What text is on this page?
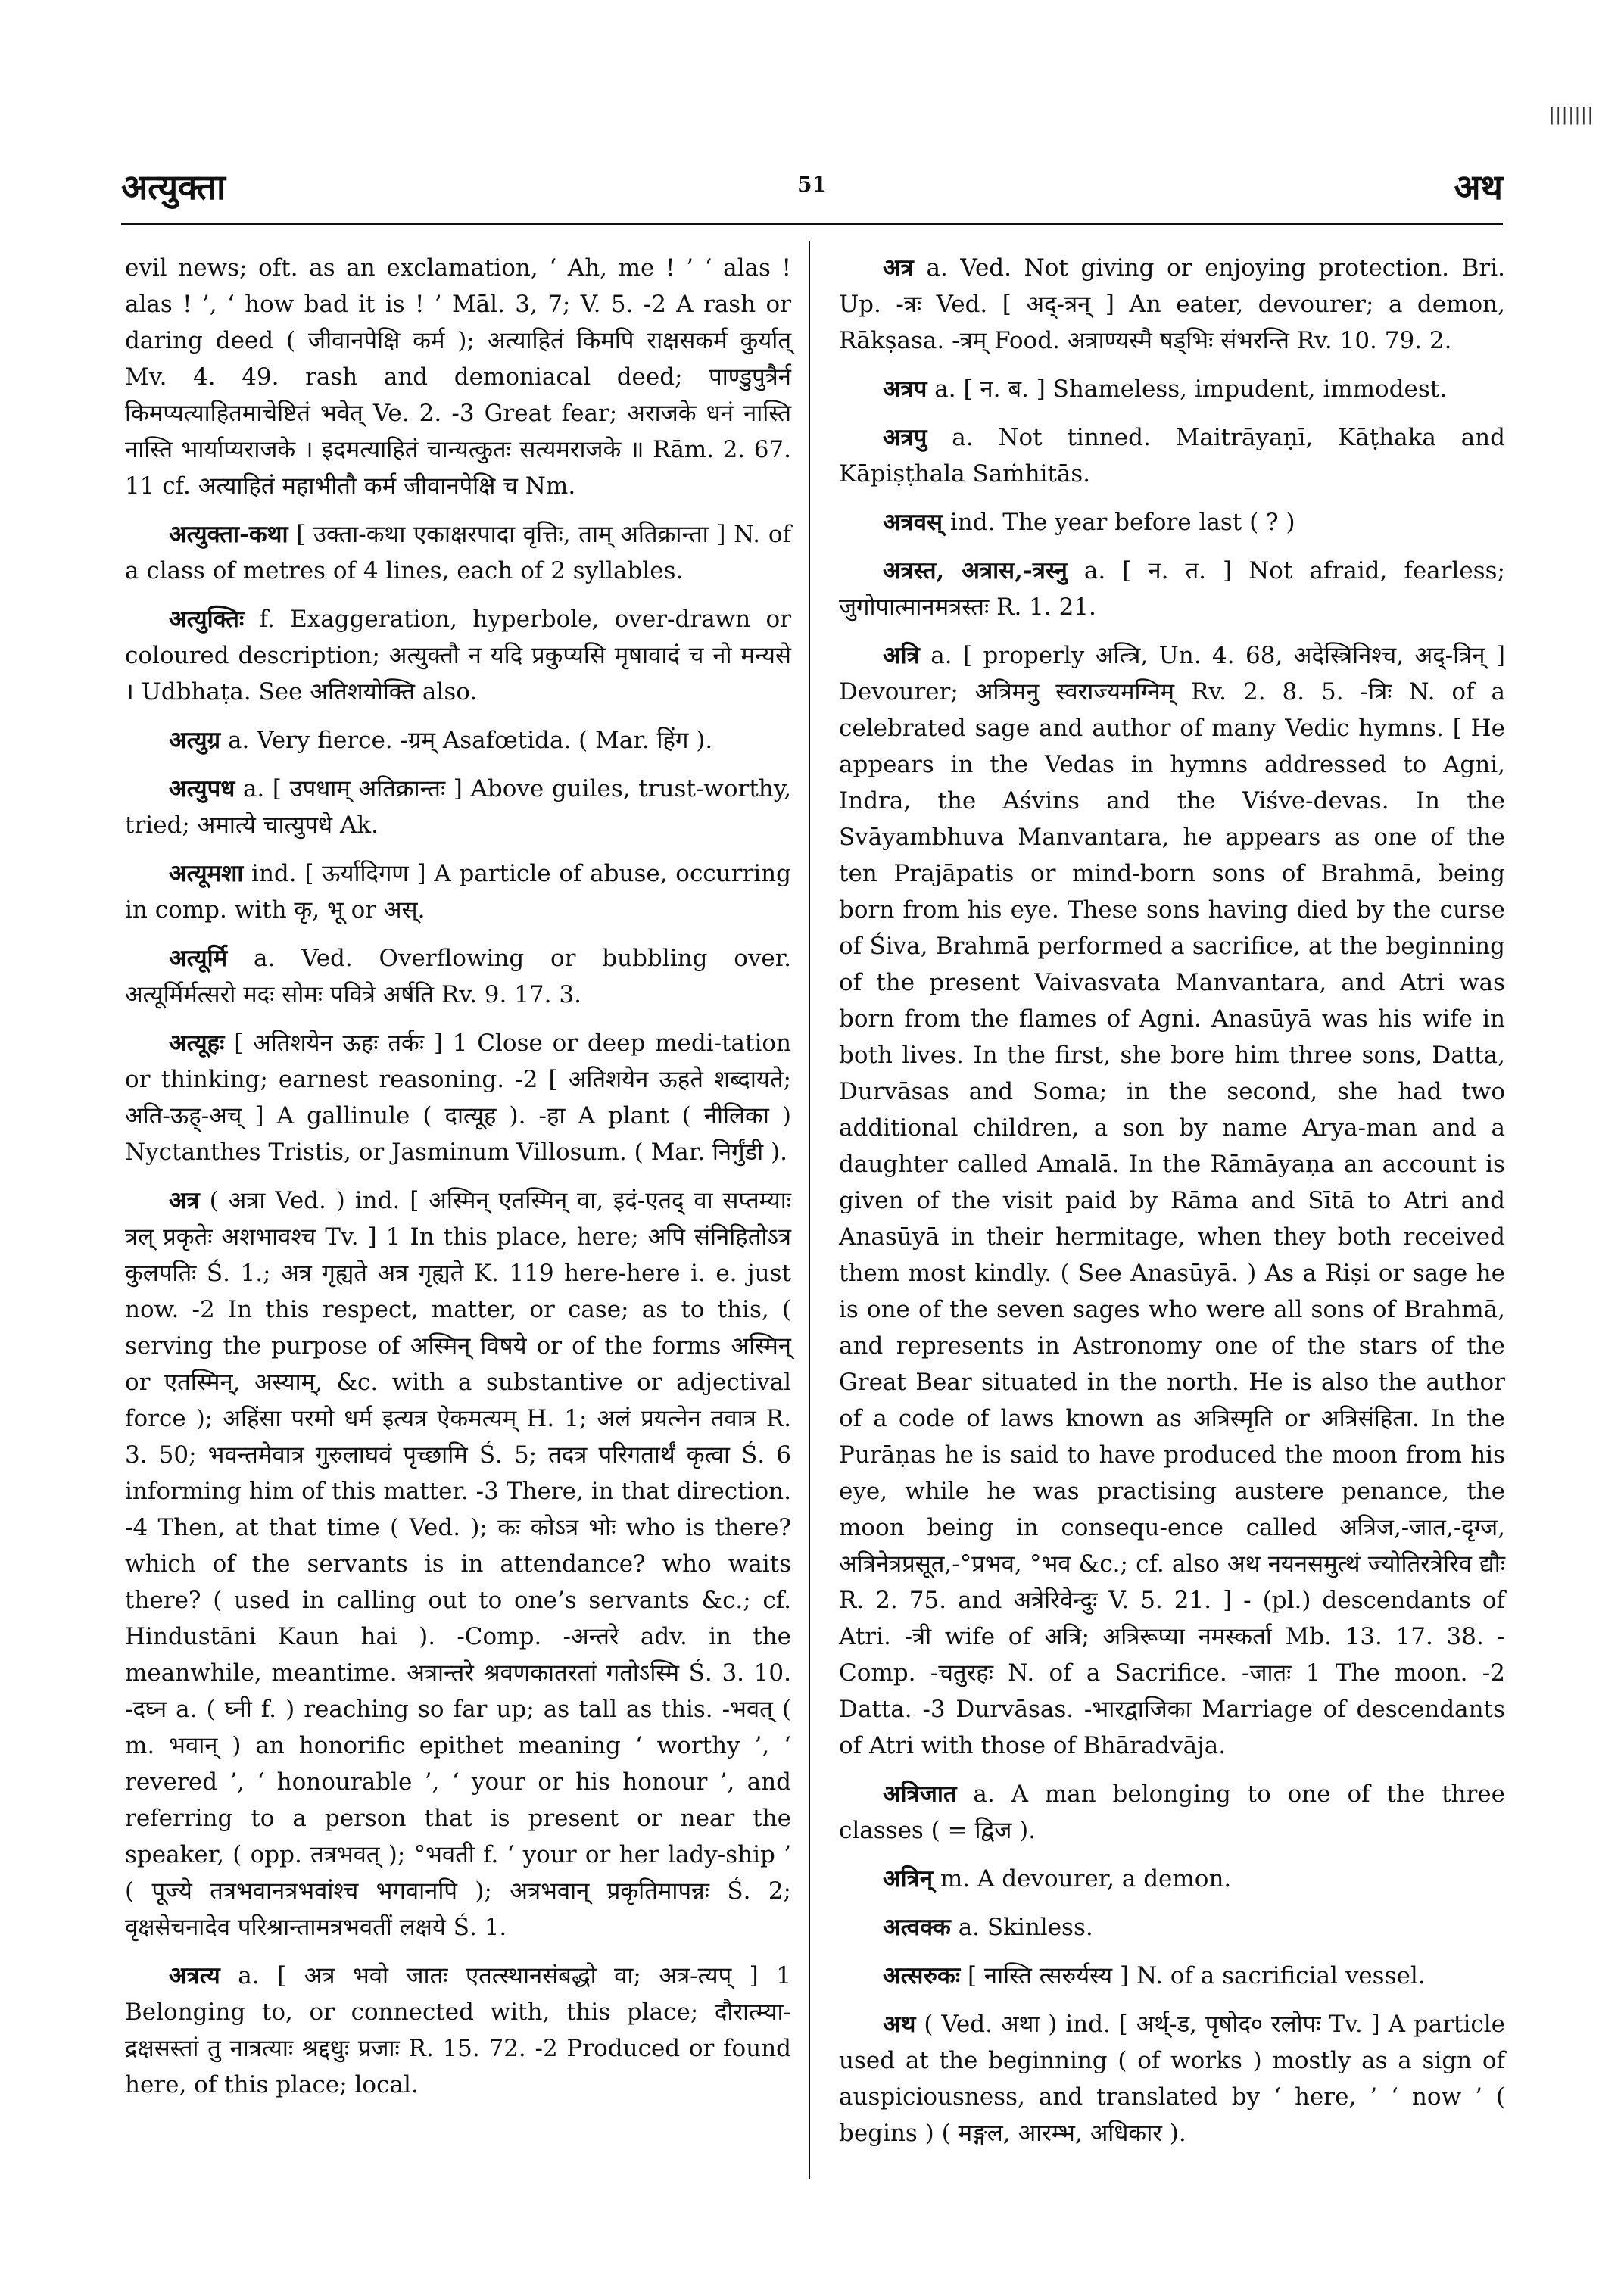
अत्युक्ता	51	अथ
|||||||

evil news; oft. as an exclamation, ‘ Ah, me ! ’ ‘ alas ! alas ! ’, ‘ how bad it is ! ’ Māl. 3, 7; V. 5. -2 A rash or daring deed ( जीवानपेक्षि कर्म ); अत्याहितं किमपि राक्षसकर्म कुर्यात् Mv. 4. 49. rash and demoniacal deed; पाण्डुपुत्रैर्न किमप्यत्याहितमाचेष्टितं भवेत् Ve. 2. -3 Great fear; अराजके धनं नास्ति नास्ति भार्याप्यराजके । इदमत्याहितं चान्यत्कुतः सत्यमराजके ॥ Rām. 2. 67. 11 cf. अत्याहितं महाभीतौ कर्म जीवानपेक्षि च Nm.

अत्युक्ता-कथा [ उक्ता-कथा एकाक्षरपादा वृत्तिः, ताम् अतिक्रान्ता ] N. of a class of metres of 4 lines, each of 2 syllables.

अत्युक्तिः f. Exaggeration, hyperbole, over-drawn or coloured description; अत्युक्तौ न यदि प्रकुप्यसि मृषावादं च नो मन्यसे । Udbhaṭa. See अतिशयोक्ति also.

अत्युग्र a. Very fierce. -ग्रम् Asafœtida. ( Mar. हिंग ).

अत्युपध a. [ उपधाम् अतिक्रान्तः ] Above guiles, trust-worthy, tried; अमात्ये चात्युपधे Ak.

अत्यूमशा ind. [ ऊर्यादिगण ] A particle of abuse, occurring in comp. with कृ, भू or अस्.

अत्यूर्मि a. Ved. Overflowing or bubbling over. अत्यूर्मिर्मत्सरो मदः सोमः पवित्रे अर्षति Rv. 9. 17. 3.

अत्यूहः [ अतिशयेन ऊहः तर्कः ] 1 Close or deep medi-tation or thinking; earnest reasoning. -2 [ अतिशयेन ऊहते शब्दायते; अति-ऊह्-अच् ] A gallinule ( दात्यूह ). -हा A plant ( नीलिका ) Nyctanthes Tristis, or Jasminum Villosum. ( Mar. निर्गुंडी ).

अत्र ( अत्रा Ved. ) ind. [ अस्मिन् एतस्मिन् वा, इदं-एतद् वा सप्तम्याः त्रल् प्रकृतेः अशभावश्च Tv. ] 1 In this place, here; अपि संनिहितोऽत्र कुलपतिः Ś. 1.; अत्र गृह्यते अत्र गृह्यते K. 119 here-here i. e. just now. -2 In this respect, matter, or case; as to this, ( serving the purpose of अस्मिन् विषये or of the forms अस्मिन् or एतस्मिन्, अस्याम्, &c. with a substantive or adjectival force ); अहिंसा परमो धर्म इत्यत्र ऐकमत्यम् H. 1; अलं प्रयत्नेन तवात्र R. 3. 50; भवन्तमेवात्र गुरुलाघवं पृच्छामि Ś. 5; तदत्र परिगतार्थं कृत्वा Ś. 6 informing him of this matter. -3 There, in that direction. -4 Then, at that time ( Ved. ); कः कोऽत्र भोः who is there? which of the servants is in attendance? who waits there? ( used in calling out to one’s servants &c.; cf. Hindustāni Kaun hai ). -Comp. -अन्तरे adv. in the meanwhile, meantime. अत्रान्तरे श्रवणकातरतां गतोऽस्मि Ś. 3. 10. -दघ्न a. ( घ्नी f. ) reaching so far up; as tall as this. -भवत् ( m. भवान् ) an honorific epithet meaning ‘ worthy ’, ‘ revered ’, ‘ honourable ’, ‘ your or his honour ’, and referring to a person that is present or near the speaker, ( opp. तत्रभवत् ); °भवती f. ‘ your or her lady-ship ’ ( पूज्ये तत्रभवानत्रभवांश्च भगवानपि ); अत्रभवान् प्रकृतिमापन्नः Ś. 2; वृक्षसेचनादेव परिश्रान्तामत्रभवतीं लक्षये Ś. 1.

अत्रत्य a. [ अत्र भवो जातः एतत्स्थानसंबद्धो वा; अत्र-त्यप् ] 1 Belonging to, or connected with, this place; दौरात्म्या-द्रक्षसस्तां तु नात्रत्याः श्रद्दधुः प्रजाः R. 15. 72. -2 Produced or found here, of this place; local.

अत्र a. Ved. Not giving or enjoying protection. Bri. Up. -त्रः Ved. [ अद्-त्रन् ] An eater, devourer; a demon, Rākṣasa. -त्रम् Food. अत्राण्यस्मै षड्भिः संभरन्ति Rv. 10. 79. 2.

अत्रप a. [ न. ब. ] Shameless, impudent, immodest.

अत्रपु a. Not tinned. Maitrāyaṇī, Kāṭhaka and Kāpiṣṭhala Saṁhitās.

अत्रवस् ind. The year before last ( ? )

अत्रस्त, अत्रास,-त्रस्नु a. [ न. त. ] Not afraid, fearless; जुगोपात्मानमत्रस्तः R. 1. 21.

अत्रि a. [ properly अत्त्रि, Un. 4. 68, अदेस्त्रिनिश्च, अद्-त्रिन् ] Devourer; अत्रिमनु स्वराज्यमग्निम् Rv. 2. 8. 5. -त्रिः N. of a celebrated sage and author of many Vedic hymns. [ He appears in the Vedas in hymns addressed to Agni, Indra, the Aśvins and the Viśve-devas. In the Svāyambhuva Manvantara, he appears as one of the ten Prajāpatis or mind-born sons of Brahmā, being born from his eye. These sons having died by the curse of Śiva, Brahmā performed a sacrifice, at the beginning of the present Vaivasvata Manvantara, and Atri was born from the flames of Agni. Anasūyā was his wife in both lives. In the first, she bore him three sons, Datta, Durvāsas and Soma; in the second, she had two additional children, a son by name Arya-man and a daughter called Amalā. In the Rāmāyaṇa an account is given of the visit paid by Rāma and Sītā to Atri and Anasūyā in their hermitage, when they both received them most kindly. ( See Anasūyā. ) As a Riṣi or sage he is one of the seven sages who were all sons of Brahmā, and represents in Astronomy one of the stars of the Great Bear situated in the north. He is also the author of a code of laws known as अत्रिस्मृति or अत्रिसंहिता. In the Purāṇas he is said to have produced the moon from his eye, while he was practising austere penance, the moon being in consequ-ence called अत्रिज,-जात,-दृग्ज, अत्रिनेत्रप्रसूत,-°प्रभव, °भव &c.; cf. also अथ नयनसमुत्थं ज्योतिरत्रेरिव द्यौः R. 2. 75. and अत्रेरिवेन्दुः V. 5. 21. ] - (pl.) descendants of Atri. -त्री wife of अत्रि; अत्रिरूप्या नमस्कर्ता Mb. 13. 17. 38. -Comp. -चतुरहः N. of a Sacrifice. -जातः 1 The moon. -2 Datta. -3 Durvāsas. -भारद्वाजिका Marriage of descendants of Atri with those of Bhāradvāja.

अत्रिजात a. A man belonging to one of the three classes ( = द्विज ).

अत्रिन् m. A devourer, a demon.

अत्वक्क a. Skinless.

अत्सरुकः [ नास्ति त्सरुर्यस्य ] N. of a sacrificial vessel.

अथ ( Ved. अथा ) ind. [ अर्थ्-ड, पृषोद० रलोपः Tv. ] A particle used at the beginning ( of works ) mostly as a sign of auspiciousness, and translated by ‘ here, ’ ‘ now ’ ( begins ) ( मङ्गल, आरम्भ, अधिकार ).
